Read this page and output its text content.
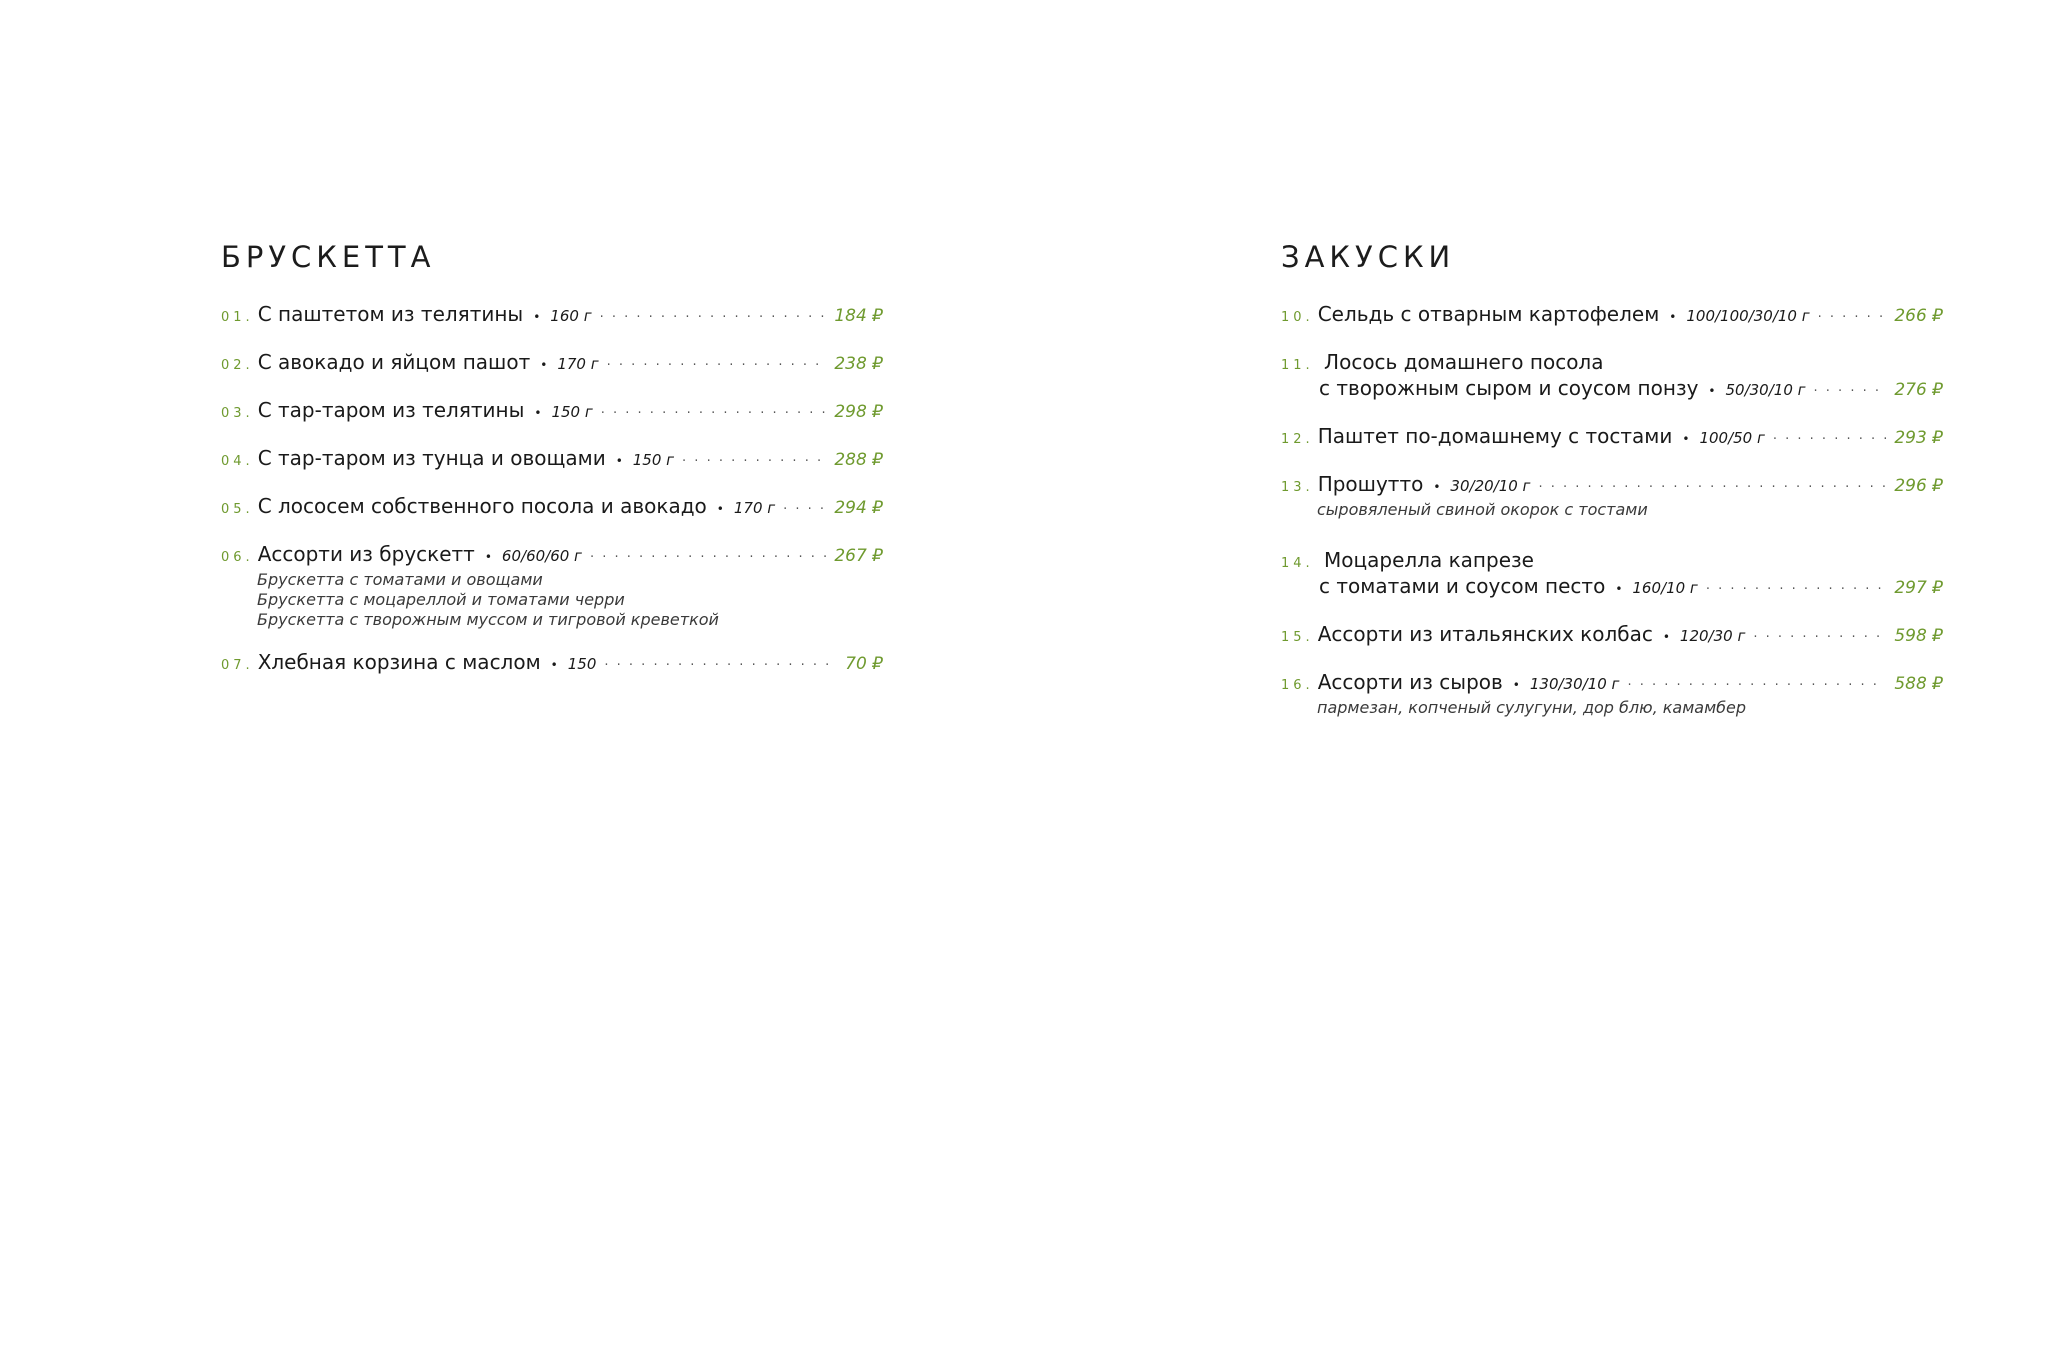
БРУСКЕТТА
01. С паштетом из телятины	• 160 г · · ·	184 ₽
02. С авокадо и яйцом пашот	• 170 г · · ·	238 ₽
03. С тар-таром из телятины	• 150 г · · ·	298 ₽
04. С тар-таром из тунца и овощами	• 150 г · · ·	288 ₽
05. С лососем собственного посола и авокадо	• 170 г · · ·	294 ₽
06. Ассорти из брускетт	• 60/60/60 г · · ·	267 ₽
Брускетта с томатами и овощами
Брускетта с моцареллой и томатами черри
Брускетта с творожным муссом и тигровой креветкой
07. Хлебная корзина с маслом	• 150 · · ·	70 ₽
ЗАКУСКИ
10. Сельдь с отварным картофелем	• 100/100/30/10 г · · ·	266 ₽
11. Лосось домашнего посола
с творожным сыром и соусом понзу	• 50/30/10 г · · ·	276 ₽
12. Паштет по-домашнему с тостами	• 100/50 г · · ·	293 ₽
13. Прошутто	• 30/20/10 г · · ·	296 ₽
сыровяленый свиной окорок с тостами
14. Моцарелла капрезе
с томатами и соусом песто	• 160/10 г · · ·	297 ₽
15. Ассорти из итальянских колбас	• 120/30 г · · ·	598 ₽
16. Ассорти из сыров	• 130/30/10 г · · ·	588 ₽
пармезан, копченый сулугуни, дор блю, камамбер
